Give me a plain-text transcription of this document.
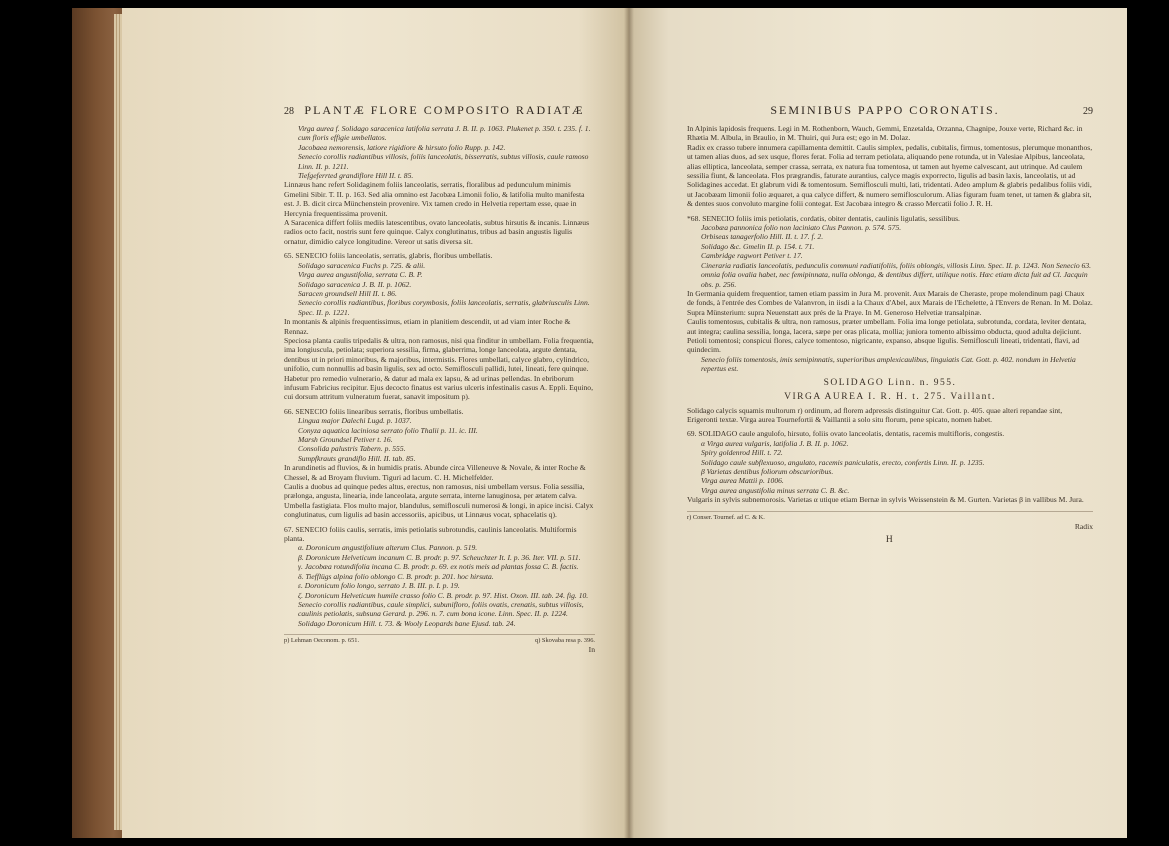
28 PLANTÆ FLORE COMPOSITO RADIATÆ

Virga aurea f. Solidago saracenica latifolia serrata J. B. II. p. 1063. Plukenet p. 350. t. 235. f. 1. cum floris effigie umbellatos.

Jacobaea nemorensis, latiore rigidiore & hirsuto folio Rupp. p. 142.

Senecio corollis radiantibus villosis, foliis lanceolatis, bisserratis, subtus villosis, caule ramoso Linn. II. p. 1211.

Tiefgeferrted grandiflore Hill II. t. 85.

Linnæus hanc refert Solidaginem foliis lanceolatis, serratis, floralibus ad pedunculum minimis Gmelini Sibir. T. II. p. 163. Sed alia omnino est Jacobæa Limonii folio, & latifolia multo manifesta est. J. B. dicit circa Münchenstein provenire. Vix tamen credo in Helvetia repertam esse, quae in Hercynia frequentissima provenit.

A Saracenica differt foliis mediis latescentibus, ovato lanceolatis, subtus hirsutis & incanis. Linnæus radios octo facit, nostris sunt fere quinque. Calyx conglutinatus, tribus ad basin angustis ligulis ornatur, dimidio calyce longitudine. Vereor ut satis diversa sit.

65. SENECIO foliis lanceolatis, serratis, glabris, floribus umbellatis.

Solidago saracenica Fuchs p. 725. & alii.

Virga aurea angustifolia, serrata C. B. P.

Solidago saracenica J. B. II. p. 1062.

Saracen groundsell Hill II. t. 86.

Senecio corollis radiantibus, floribus corymbosis, foliis lanceolatis, serratis, glabriusculis Linn. Spec. II. p. 1221.

In montanis & alpinis frequentissimus, etiam in planitiem descendit, ut ad viam inter Roche & Rennaz.

Speciosa planta caulis tripedalis & ultra, non ramosus, nisi qua finditur in umbellam. Folia frequentia, ima longiuscula, petiolata; superiora sessilia, firma, glaberrima, longe lanceolata, argute dentata, dentibus ut in priori minoribus, & majoribus, intermistis. Flores umbellati, calyce glabro, cylindrico, unifolio, cum nonnullis ad basin ligulis, sex ad octo. Semiflosculi pallidi, lutei, lineati, fere quinque. Habetur pro remedio vulnerario, & datur ad mala ex lapsu, & ad urinas pellendas. In ebriborum infusum Fabricius recipitur. Ejus decocto finatus est varius ulceris infestinalis casus A. Eppli. Equino, cui dorsum attritum vulneratum fuerat, sanavit impositum p).

66. SENECIO foliis linearibus serratis, floribus umbellatis.

Lingua major Dalechi Lugd. p. 1037.

Conyza aquatica laciniosa serrato folio Thalii p. 11. ic. III.

Marsh Groundsel Petiver t. 16.

Consolida palustris Tabern. p. 555.

Sumpfkrauts grandiflo Hill. II. tab. 85.

In arundinetis ad fluvios, & in humidis pratis. Abunde circa Villeneuve & Novale, & inter Roche & Chessel, & ad Broyam fluvium. Tiguri ad lacum. C. H. Michelfelder.

Caulis a duobus ad quinque pedes altus, erectus, non ramosus, nisi umbellam versus. Folia sessilia, prælonga, angusta, linearia, inde lanceolata, argute serrata, interne lanuginosa, per ætatem calva. Umbella fastigiata. Flos multo major, blandulus, semiflosculi numerosi & longi, in apice incisi. Calyx conglutinatus, cum ligulis ad basin accessoriis, apicibus, ut Linnæus vocat, sphacelatis q).

67. SENECIO foliis caulis, serratis, imis petiolatis subrotundis, caulinis lanceolatis. Multiformis planta.

α. Doronicum angustifolium alterum Clus. Pannon. p. 519.

β. Doronicum Helveticum incanum C. B. prodr. p. 97. Scheuchzer It. I. p. 36. Iter. VII. p. 511.

γ. Jacobæa rotundifolia incana C. B. prodr. p. 69. ex notis meis ad plantas fossa C. B. factis.

δ. Tiefflügs alpina folio oblongo C. B. prodr. p. 201. hoc hirsuta.

ε. Doronicum folio longo, serrato J. B. III. p. I. p. 19.

ζ. Doronicum Helveticum humile crasso folio C. B. prodr. p. 97. Hist. Oxon. III. tab. 24. fig. 10.

Senecio corollis radiantibus, caule simplici, subunifloro, foliis ovatis, crenatis, subtus villosis, caulinis petiolatis, subsuna Gerard. p. 296. n. 7. cum bona icone. Linn. Spec. II. p. 1224.

Solidago Doronicum Hill. t. 73. & Wooly Leopards bane Ejusd. tab. 24.

p) Lehman Oeconom. p. 651.	q) Skovaba resa p. 396.
In
SEMINIBUS PAPPO CORONATIS.	29

In Alpinis lapidosis frequens. Legi in M. Rothenborn, Wauch, Gemmi, Enzetalda, Orzanna, Chagnipe, Jouxe verte, Richard &c. in Rhætia M. Albula, in Braulio, in M. Thuiri, qui Jura est; ego in M. Dolaz.

Radix ex crasso tubere innumera capillamenta demittit. Caulis simplex, pedalis, cubitalis, firmus, tomentosus, plerumque monanthos, ut tamen alias duos, ad sex usque, flores ferat. Folia ad terram petiolata, aliquando pene rotunda, ut in Valesiae Alpibus, lanceolata, alias elliptica, lanceolata, semper crassa, serrata, ex natura fua tomentosa, ut tamen aut hyeme calvescant, aut utrinque. Ad caulem sessilia fiunt, & lanceolata. Flos prægrandis, faturate aurantius, calyce magis exporrecto, ligulis ad basin laxis, lanceolatis, ut ad Solidagines accedat. Et glabrum vidi & tomentosum. Semiflosculi multi, lati, tridentati. Adeo amplum & glabris pedalibus foliis vidi, ut Jacobæam limonii folio æquaret, a qua calyce differt, & numero semiflosculorum. Alias figuram fuam tenet, ut tamen & glabra sit, & dentes suos convoluto margine folii contegat. Est Jacobæa integro & crasso Mercatii folio J. R. H.

*68. SENECIO foliis imis petiolatis, cordatis, obiter dentatis, caulinis ligulatis, sessilibus.

Jacobæa pannonica folio non laciniato Clus Pannon. p. 574. 575.

Orbiseas tanagerfolio Hill. II. t. 17. f. 2.

Solidago &c. Gmelin II. p. 154. t. 71.

Cambridge ragwort Petiver t. 17.

Cineraria radiatis lanceolatis, pedunculis communi radiatifoliis, foliis oblongis, villosis Linn. Spec. II. p. 1243. Non Senecio 63. omnia folia ovalia habet, nec femipinnata, nulla oblonga, & dentibus differt, utilique notis. Hæc etiam dicta fuit ad Cl. Jacquin obs. p. 256.

In Germania quidem frequentior, tamen etiam passim in Jura M. provenit. Aux Marais de Cheraste, prope molendinum pagi Chaux de fonds, à l'entrée des Combes de Valanvron, in iisdi a la Chaux d'Abel, aux Marais de l'Echelette, à l'Envers de Renan. In M. Dolaz. Supra Münsterium: supra Neuenstatt aux prés de la Praye. In M. Generoso Helvetiæ transalpinæ.

Caulis tomentosus, cubitalis & ultra, non ramosus, præter umbellam. Folia ima longe petiolata, subrotunda, cordata, leviter dentata, aut integra; caulina sessilia, longa, lacera, sæpe per oras plicata, mollia; juniora tomento albissimo obducta, quod adulta dejiciunt. Petioli tomentosi; conspicui flores, calyce tomentoso, nigricante, expanso, absque ligulis. Semiflosculi lineati, tridentati, flavi, ad quindecim.

Senecio foliis tomentosis, imis semipinnatis, superioribus amplexicaulibus, linguiatis Cat. Gott. p. 402. nondum in Helvetia repertus est.

SOLIDAGO Linn. n. 955.

VIRGA AUREA I. R. H. t. 275. Vaillant.

Solidago calycis squamis multorum r) ordinum, ad florem adpressis distinguitur Cat. Gott. p. 405. quae alteri repandae sint, Erigeronti textæ. Virga aurea Tournefortii & Vaillantii a solo situ florum, pene spicato, nomen habet.

69. SOLIDAGO caule angulofo, hirsuto, foliis ovato lanceolatis, dentatis, racemis multifloris, congestis.

α Virga aurea vulgaris, latifolia J. B. II. p. 1062.

Spiry goldenrod Hill. t. 72.

Solidago caule subflexuoso, angulato, racemis paniculatis, erecto, confertis Linn. II. p. 1235.

β Varietas dentibus foliorum obscurioribus.

Virga aurea Mattii p. 1006.

Virga aurea angustifolia minus serrata C. B. &c.

Vulgaris in sylvis subnemorosis. Varietas α utique etiam Bernæ in sylvis Weissenstein & M. Gurten. Varietas β in vallibus M. Jura.

r) Conser. Tournef. ad C. & K.
Radix
H
